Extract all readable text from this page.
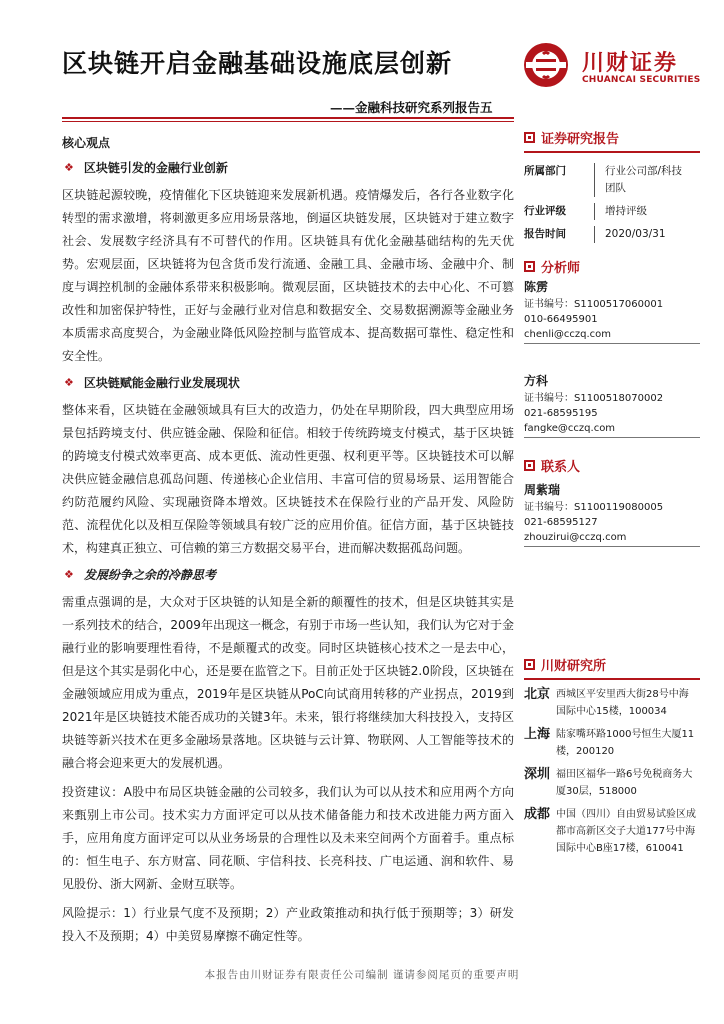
区块链开启金融基础设施底层创新
——金融科技研究系列报告五
川财证券
CHUANCAI SECURITIES
核心观点
❖ 区块链引发的金融行业创新

区块链起源较晚，疫情催化下区块链迎来发展新机遇。疫情爆发后，各行各业数字化转型的需求激增，将刺激更多应用场景落地，倒逼区块链发展，区块链对于建立数字社会、发展数字经济具有不可替代的作用。区块链具有优化金融基础结构的先天优势。宏观层面，区块链将为包含货币发行流通、金融工具、金融市场、金融中介、制度与调控机制的金融体系带来积极影响。微观层面，区块链技术的去中心化、不可篡改性和加密保护特性，正好与金融行业对信息和数据安全、交易数据溯源等金融业务本质需求高度契合，为金融业降低风险控制与监管成本、提高数据可靠性、稳定性和安全性。

❖ 区块链赋能金融行业发展现状

整体来看，区块链在金融领域具有巨大的改造力，仍处在早期阶段，四大典型应用场景包括跨境支付、供应链金融、保险和征信。相较于传统跨境支付模式，基于区块链的跨境支付模式效率更高、成本更低、流动性更强、权利更平等。区块链技术可以解决供应链金融信息孤岛问题、传递核心企业信用、丰富可信的贸易场景、运用智能合约防范履约风险、实现融资降本增效。区块链技术在保险行业的产品开发、风险防范、流程优化以及相互保险等领域具有较广泛的应用价值。征信方面，基于区块链技术，构建真正独立、可信赖的第三方数据交易平台，进而解决数据孤岛问题。

❖ 发展纷争之余的冷静思考

需重点强调的是，大众对于区块链的认知是全新的颠覆性的技术，但是区块链其实是一系列技术的结合，2009年出现这一概念，有别于市场一些认知，我们认为它对于金融行业的影响要理性看待，不是颠覆式的改变。同时区块链核心技术之一是去中心，但是这个其实是弱化中心，还是要在监管之下。目前正处于区块链2.0阶段，区块链在金融领域应用成为重点，2019年是区块链从PoC向试商用转移的产业拐点，2019到2021年是区块链技术能否成功的关键3年。未来，银行将继续加大科技投入，支持区块链等新兴技术在更多金融场景落地。区块链与云计算、物联网、人工智能等技术的融合将会迎来更大的发展机遇。

投资建议：A股中布局区块链金融的公司较多，我们认为可以从技术和应用两个方向来甄别上市公司。技术实力方面评定可以从技术储备能力和技术改进能力两方面入手，应用角度方面评定可以从业务场景的合理性以及未来空间两个方面着手。重点标的：恒生电子、东方财富、同花顺、宇信科技、长亮科技、广电运通、润和软件、易见股份、浙大网新、金财互联等。

风险提示：1）行业景气度不及预期；2）产业政策推动和执行低于预期等；3）研发投入不及预期；4）中美贸易摩擦不确定性等。

证券研究报告
所属部门	行业公司部/科技团队
行业评级	增持评级
报告时间	2020/03/31
分析师
陈雳
证书编号：S1100517060001
010-66495901
chenli@cczq.com
方科
证书编号：S1100518070002
021-68595195
fangke@cczq.com
联系人
周紫瑞
证书编号：S1100119080005
021-68595127
zhouzirui@cczq.com
川财研究所
北京 西城区平安里西大街28号中海国际中心15楼，100034
上海 陆家嘴环路1000号恒生大厦11楼，200120
深圳 福田区福华一路6号免税商务大厦30层，518000
成都 中国（四川）自由贸易试验区成都市高新区交子大道177号中海国际中心B座17楼，610041
本报告由川财证券有限责任公司编制 谨请参阅尾页的重要声明
